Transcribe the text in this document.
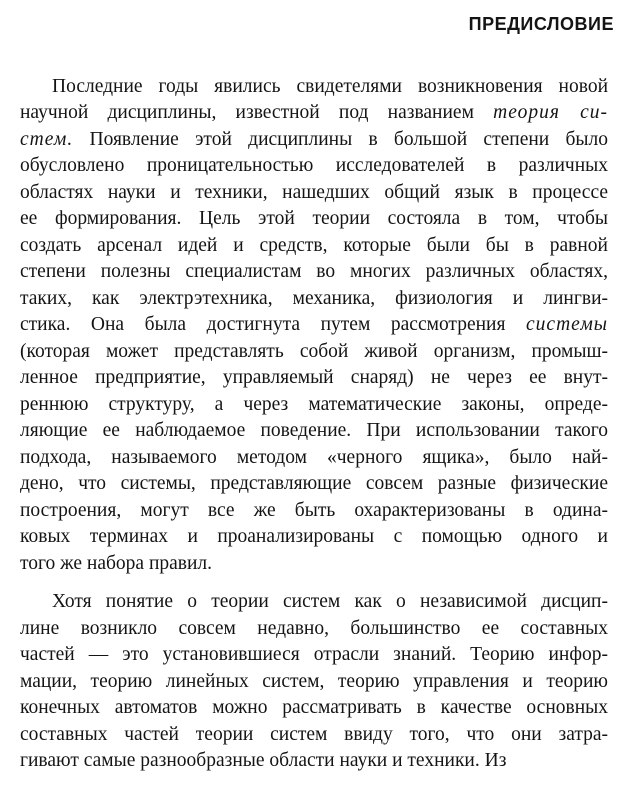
ПРЕДИСЛОВИЕ
Последние годы явились свидетелями возникновения новой
научной дисциплины, известной под названием теория си-
стем. Появление этой дисциплины в большой степени было
обусловлено проницательностью исследователей в различных
областях науки и техники, нашедших общий язык в процессе
ее формирования. Цель этой теории состояла в том, чтобы
создать арсенал идей и средств, которые были бы в равной
степени полезны специалистам во многих различных областях,
таких, как электрэтехника, механика, физиология и лингви-
стика. Она была достигнута путем рассмотрения системы
(которая может представлять собой живой организм, промыш-
ленное предприятие, управляемый снаряд) не через ее внут-
реннюю структуру, а через математические законы, опреде-
ляющие ее наблюдаемое поведение. При использовании такого
подхода, называемого методом «черного ящика», было най-
дено, что системы, представляющие совсем разные физические
построения, могут все же быть охарактеризованы в одина-
ковых терминах и проанализированы с помощью одного и
того же набора правил.
Хотя понятие о теории систем как о независимой дисцип-
лине возникло совсем недавно, большинство ее составных
частей — это установившиеся отрасли знаний. Теорию инфор-
мации, теорию линейных систем, теорию управления и теорию
конечных автоматов можно рассматривать в качестве основных
составных частей теории систем ввиду того, что они затра-
гивают самые разнообразные области науки и техники. Из
